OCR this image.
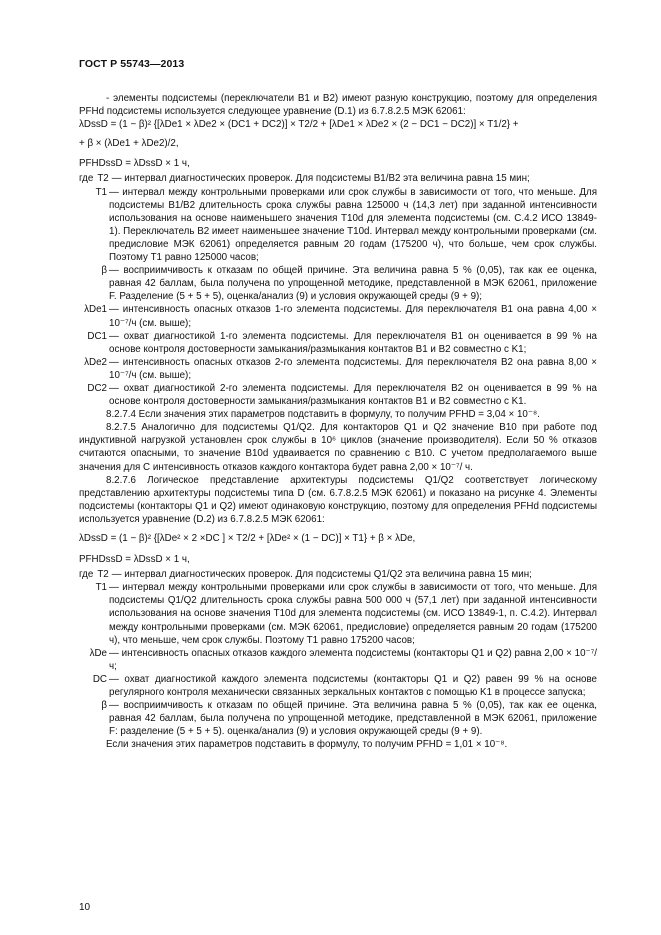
ГОСТ Р 55743—2013

- элементы подсистемы (переключатели B1 и B2) имеют разную конструкцию, поэтому для определения PFHd подсистемы используется следующее уравнение (D.1) из 6.7.8.2.5 МЭК 62061:

λDssD = (1 − β)² {[λDe1 × λDe2 × (DC1 + DC2)] × T2/2 + [λDe1 × λDe2 × (2 − DC1 − DC2)] × T1/2} +

+ β × (λDe1 + λDe2)/2,

PFHDssD = λDssD × 1 ч,

где T2 — интервал диагностических проверок. Для подсистемы B1/B2 эта величина равна 15 мин;
T1 — интервал между контрольными проверками или срок службы в зависимости от того, что меньше. Для подсистемы B1/B2 длительность срока службы равна 125000 ч (14,3 лет) при заданной интенсивности использования на основе наименьшего значения T10d для элемента подсистемы (см. С.4.2 ИСО 13849-1). Переключатель B2 имеет наименьшее значение T10d. Интервал между контрольными проверками (см. предисловие МЭК 62061) определяется равным 20 годам (175200 ч), что больше, чем срок службы. Поэтому T1 равно 125000 часов;
β — восприимчивость к отказам по общей причине. Эта величина равна 5 % (0,05), так как ее оценка, равная 42 баллам, была получена по упрощенной методике, представленной в МЭК 62061, приложение F. Разделение (5 + 5 + 5), оценка/анализ (9) и условия окружающей среды (9 + 9);
λDe1 — интенсивность опасных отказов 1-го элемента подсистемы. Для переключателя B1 она равна 4,00 × 10⁻⁷/ч (см. выше);
DC1 — охват диагностикой 1-го элемента подсистемы. Для переключателя B1 он оценивается в 99 % на основе контроля достоверности замыкания/размыкания контактов B1 и B2 совместно с K1;
λDe2 — интенсивность опасных отказов 2-го элемента подсистемы. Для переключателя B2 она равна 8,00 × 10⁻⁷/ч (см. выше);
DC2 — охват диагностикой 2-го элемента подсистемы. Для переключателя B2 он оценивается в 99 % на основе контроля достоверности замыкания/размыкания контактов B1 и B2 совместно с K1.

8.2.7.4 Если значения этих параметров подставить в формулу, то получим PFHD = 3,04 × 10⁻⁸.

8.2.7.5 Аналогично для подсистемы Q1/Q2. Для контакторов Q1 и Q2 значение B10 при работе под индуктивной нагрузкой установлен срок службы в 10⁶ циклов (значение производителя). Если 50 % отказов считаются опасными, то значение B10d удваивается по сравнению с B10. С учетом предполагаемого выше значения для C интенсивность отказов каждого контактора будет равна 2,00 × 10⁻⁷/ ч.

8.2.7.6 Логическое представление архитектуры подсистемы Q1/Q2 соответствует логическому представлению архитектуры подсистемы типа D (см. 6.7.8.2.5 МЭК 62061) и показано на рисунке 4. Элементы подсистемы (контакторы Q1 и Q2) имеют одинаковую конструкцию, поэтому для определения PFHd подсистемы используется уравнение (D.2) из 6.7.8.2.5 МЭК 62061:

λDssD = (1 − β)² {[λDe² × 2 ×DC ] × T2/2 + [λDe² × (1 − DC)] × T1} + β × λDe,

PFHDssD = λDssD × 1 ч,

где T2 — интервал диагностических проверок. Для подсистемы Q1/Q2 эта величина равна 15 мин;
T1 — интервал между контрольными проверками или срок службы в зависимости от того, что меньше. Для подсистемы Q1/Q2 длительность срока службы равна 500 000 ч (57,1 лет) при заданной интенсивности использования на основе значения T10d для элемента подсистемы (см. ИСО 13849-1, п. С.4.2). Интервал между контрольными проверками (см. МЭК 62061, предисловие) определяется равным 20 годам (175200 ч), что меньше, чем срок службы. Поэтому T1 равно 175200 часов;
λDe — интенсивность опасных отказов каждого элемента подсистемы (контакторы Q1 и Q2) равна 2,00 × 10⁻⁷/ч;
DC — охват диагностикой каждого элемента подсистемы (контакторы Q1 и Q2) равен 99 % на основе регулярного контроля механически связанных зеркальных контактов с помощью K1 в процессе запуска;
β — восприимчивость к отказам по общей причине. Эта величина равна 5 % (0,05), так как ее оценка, равная 42 баллам, была получена по упрощенной методике, представленной в МЭК 62061, приложение F: разделение (5 + 5 + 5). оценка/анализ (9) и условия окружающей среды (9 + 9).

Если значения этих параметров подставить в формулу, то получим PFHD = 1,01 × 10⁻⁸.

10
